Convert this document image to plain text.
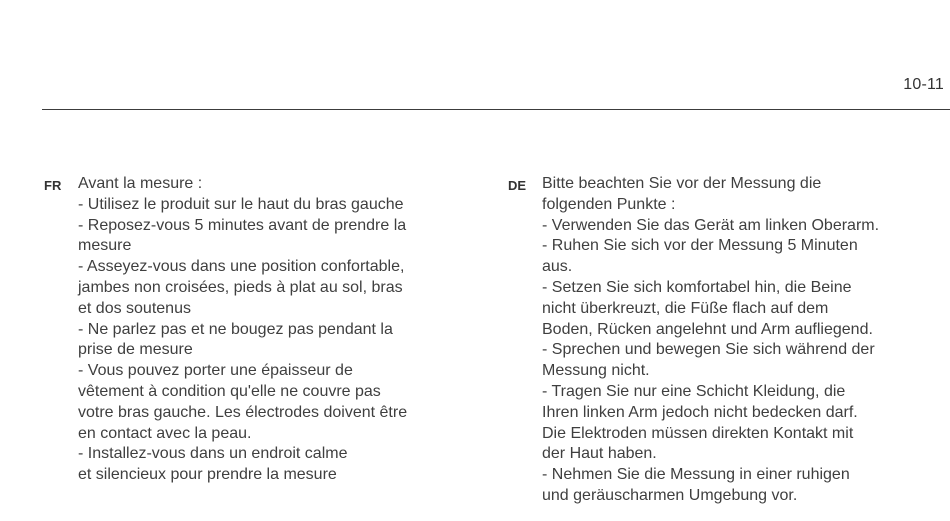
10-11
FR Avant la mesure :
- Utilisez le produit sur le haut du bras gauche
- Reposez-vous 5 minutes avant de prendre la
mesure
- Asseyez-vous dans une position confortable,
jambes non croisées, pieds à plat au sol, bras
et dos soutenus
- Ne parlez pas et ne bougez pas pendant la
prise de mesure
- Vous pouvez porter une épaisseur de
vêtement à condition qu'elle ne couvre pas
votre bras gauche. Les électrodes doivent être
en contact avec la peau.
- Installez-vous dans un endroit calme
et silencieux pour prendre la mesure
DE Bitte beachten Sie vor der Messung die
folgenden Punkte :
- Verwenden Sie das Gerät am linken Oberarm.
- Ruhen Sie sich vor der Messung 5 Minuten
aus.
- Setzen Sie sich komfortabel hin, die Beine
nicht überkreuzt, die Füße flach auf dem
Boden, Rücken angelehnt und Arm aufliegend.
- Sprechen und bewegen Sie sich während der
Messung nicht.
- Tragen Sie nur eine Schicht Kleidung, die
Ihren linken Arm jedoch nicht bedecken darf.
Die Elektroden müssen direkten Kontakt mit
der Haut haben.
- Nehmen Sie die Messung in einer ruhigen
und geräuscharmen Umgebung vor.
